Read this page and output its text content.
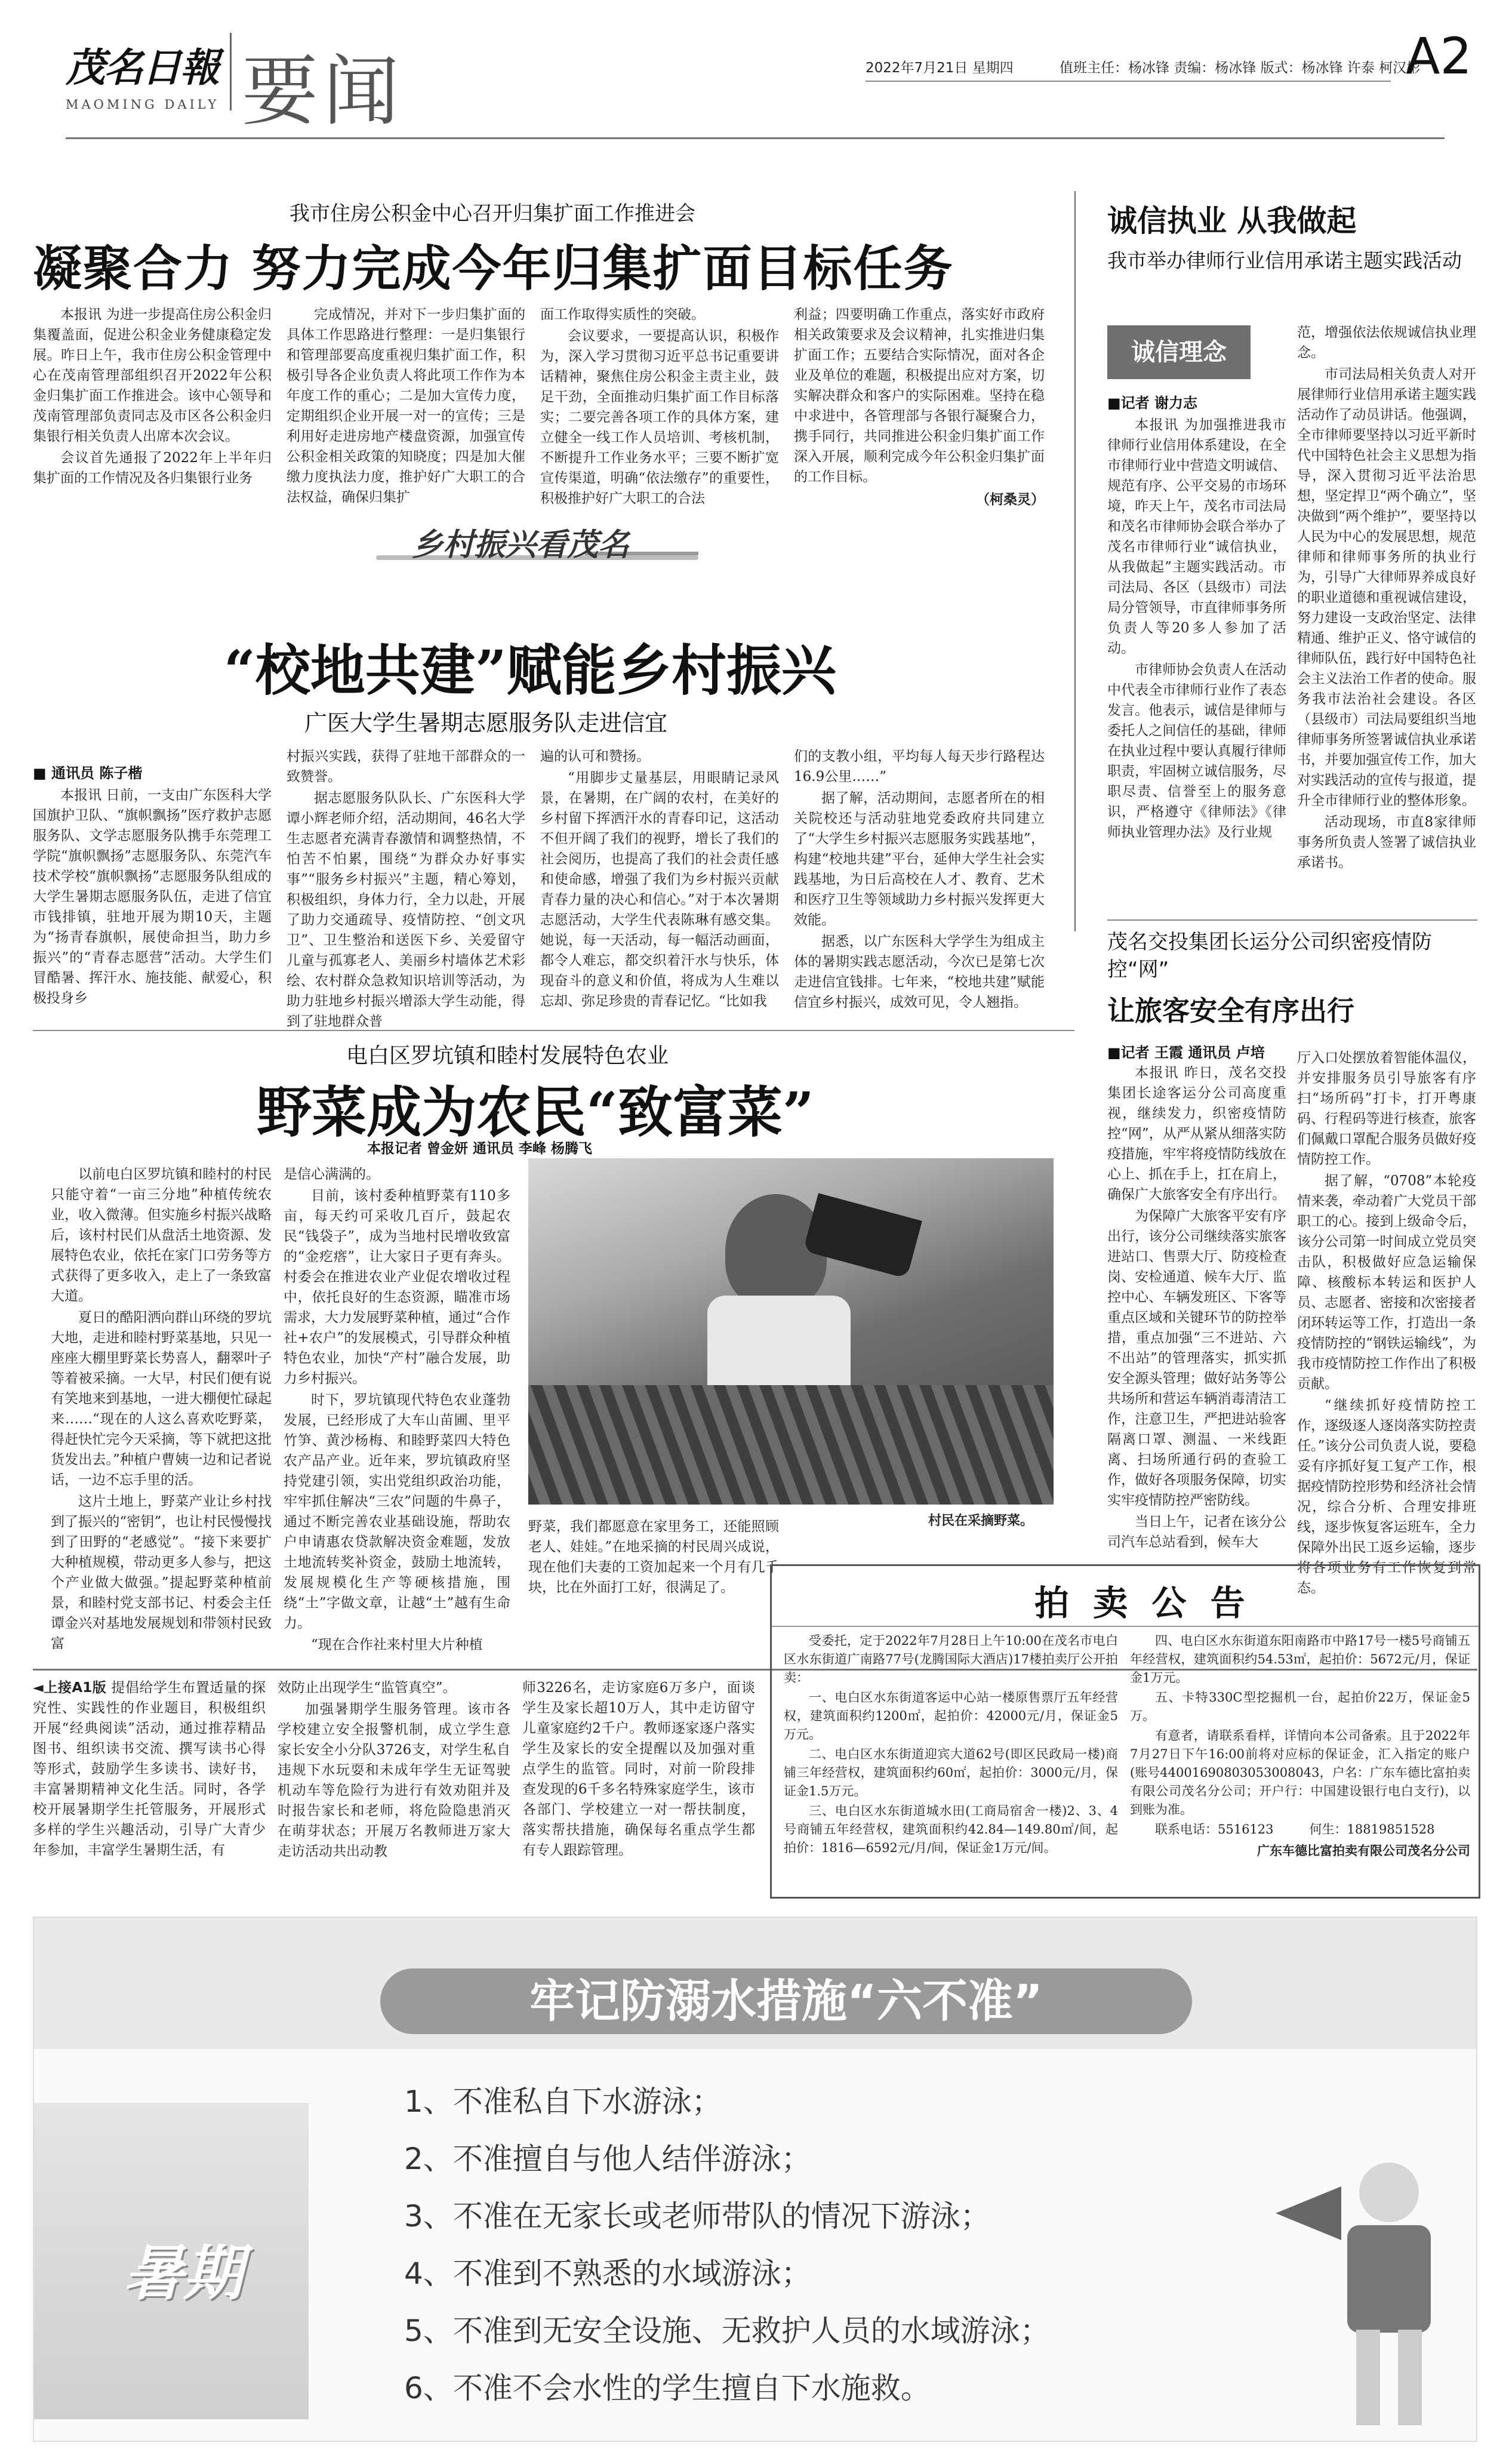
茂名日報
MAOMING DAILY 要闻	2022年7月21日 星期四	值班主任：杨冰锋 责编：杨冰锋 版式：杨冰锋 许泰 柯汉彬
A2
我市住房公积金中心召开归集扩面工作推进会
凝聚合力 努力完成今年归集扩面目标任务

本报讯 为进一步提高住房公积金归集覆盖面，促进公积金业务健康稳定发展。昨日上午，我市住房公积金管理中心在茂南管理部组织召开2022年公积金归集扩面工作推进会。该中心领导和茂南管理部负责同志及市区各公积金归集银行相关负责人出席本次会议。

会议首先通报了2022年上半年归集扩面的工作情况及各归集银行业务

完成情况，并对下一步归集扩面的具体工作思路进行整理：一是归集银行和管理部要高度重视归集扩面工作，积极引导各企业负责人将此项工作作为本年度工作的重心；二是加大宣传力度，定期组织企业开展一对一的宣传；三是利用好走进房地产楼盘资源，加强宣传公积金相关政策的知晓度；四是加大催缴力度执法力度，推护好广大职工的合法权益，确保归集扩

面工作取得实质性的突破。

会议要求，一要提高认识，积极作为，深入学习贯彻习近平总书记重要讲话精神，聚焦住房公积金主责主业，鼓足干劲，全面推动归集扩面工作目标落实；二要完善各项工作的具体方案，建立健全一线工作人员培训、考核机制，不断提升工作业务水平；三要不断扩宽宣传渠道，明确“依法缴存”的重要性，积极推护好广大职工的合法

利益；四要明确工作重点，落实好市政府相关政策要求及会议精神，扎实推进归集扩面工作；五要结合实际情况，面对各企业及单位的难题，积极提出应对方案，切实解决群众和客户的实际困难。坚持在稳中求进中，各管理部与各银行凝聚合力，携手同行，共同推进公积金归集扩面工作深入开展，顺利完成今年公积金归集扩面的工作目标。

（柯桑灵）
诚信执业 从我做起
我市举办律师行业信用承诺主题实践活动
诚信理念
■记者 谢力志

本报讯 为加强推进我市律师行业信用体系建设，在全市律师行业中营造文明诚信、规范有序、公平交易的市场环境，昨天上午，茂名市司法局和茂名市律师协会联合举办了茂名市律师行业“诚信执业，从我做起”主题实践活动。市司法局、各区（县级市）司法局分管领导，市直律师事务所负责人等20多人参加了活动。

市律师协会负责人在活动中代表全市律师行业作了表态发言。他表示，诚信是律师与委托人之间信任的基础，律师在执业过程中要认真履行律师职责，牢固树立诚信服务，尽职尽责、信誉至上的服务意识，严格遵守《律师法》《律师执业管理办法》及行业规

范，增强依法依规诚信执业理念。

市司法局相关负责人对开展律师行业信用承诺主题实践活动作了动员讲话。他强调，全市律师要坚持以习近平新时代中国特色社会主义思想为指导，深入贯彻习近平法治思想，坚定捍卫“两个确立”，坚决做到“两个维护”，要坚持以人民为中心的发展思想，规范律师和律师事务所的执业行为，引导广大律师界养成良好的职业道德和重视诚信建设，努力建设一支政治坚定、法律精通、维护正义、恪守诚信的律师队伍，践行好中国特色社会主义法治工作者的使命。服务我市法治社会建设。各区（县级市）司法局要组织当地律师事务所签署诚信执业承诺书，并要加强宣传工作，加大对实践活动的宣传与报道，提升全市律师行业的整体形象。

活动现场，市直8家律师事务所负责人签署了诚信执业承诺书。

乡村振兴看茂名
“校地共建”赋能乡村振兴
广医大学生暑期志愿服务队走进信宜
■ 通讯员 陈子楷

本报讯 日前，一支由广东医科大学国旗护卫队、“旗帜飘扬”医疗救护志愿服务队、文学志愿服务队携手东莞理工学院“旗帜飘扬”志愿服务队、东莞汽车技术学校“旗帜飘扬”志愿服务队组成的大学生暑期志愿服务队伍，走进了信宜市钱排镇，驻地开展为期10天，主题为“扬青春旗帜，展使命担当，助力乡振兴”的“青春志愿营”活动。大学生们冒酷暑、挥汗水、施技能、献爱心，积极投身乡

村振兴实践，获得了驻地干部群众的一致赞誉。

据志愿服务队队长、广东医科大学谭小辉老师介绍，活动期间，46名大学生志愿者充满青春激情和调整热情，不怕苦不怕累，围绕“为群众办好事实事”“服务乡村振兴”主题，精心筹划，积极组织，身体力行，全力以赴，开展了助力交通疏导、疫情防控、“创文巩卫”、卫生整治和送医下乡、关爱留守儿童与孤寡老人、美丽乡村墙体艺术彩绘、农村群众急救知识培训等活动，为助力驻地乡村振兴增添大学生动能，得到了驻地群众普

遍的认可和赞扬。

“用脚步丈量基层，用眼睛记录风景，在暑期，在广阔的农村，在美好的乡村留下挥洒汗水的青春印记，这活动不但开阔了我们的视野，增长了我们的社会阅历，也提高了我们的社会责任感和使命感，增强了我们为乡村振兴贡献青春力量的决心和信心。”对于本次暑期志愿活动，大学生代表陈琳有感交集。她说，每一天活动，每一幅活动画面，都令人难忘，都交织着汗水与快乐，体现奋斗的意义和价值，将成为人生难以忘却、弥足珍贵的青春记忆。“比如我

们的支教小组，平均每人每天步行路程达16.9公里……”

据了解，活动期间，志愿者所在的相关院校还与活动驻地党委政府共同建立了“大学生乡村振兴志愿服务实践基地”，构建“校地共建”平台，延伸大学生社会实践基地，为日后高校在人才、教育、艺术和医疗卫生等领域助力乡村振兴发挥更大效能。

据悉，以广东医科大学学生为组成主体的暑期实践志愿活动，今次已是第七次走进信宜钱排。七年来，“校地共建”赋能信宜乡村振兴，成效可见，令人翘指。

茂名交投集团长运分公司织密疫情防控“网”
让旅客安全有序出行
■记者 王霞 通讯员 卢培

本报讯 昨日，茂名交投集团长途客运分公司高度重视，继续发力，织密疫情防控“网”，从严从紧从细落实防疫措施，牢牢将疫情防线放在心上、抓在手上，扛在肩上，确保广大旅客安全有序出行。

为保障广大旅客平安有序出行，该分公司继续落实旅客进站口、售票大厅、防疫检查岗、安检通道、候车大厅、监控中心、车辆发班区、下客等重点区域和关键环节的防控举措，重点加强“三不进站、六不出站”的管理落实，抓实抓安全源头管理；做好站务等公共场所和营运车辆消毒清洁工作，注意卫生，严把进站验客隔离口罩、测温、一米线距离、扫场所通行码的查验工作，做好各项服务保障，切实实牢疫情防控严密防线。

当日上午，记者在该分公司汽车总站看到，候车大

厅入口处摆放着智能体温仪，并安排服务员引导旅客有序扫“场所码”打卡，打开粤康码、行程码等进行核查，旅客们佩戴口罩配合服务员做好疫情防控工作。

据了解，“0708”本轮疫情来袭，牵动着广大党员干部职工的心。接到上级命令后，该分公司第一时间成立党员突击队，积极做好应急运输保障、核酸标本转运和医护人员、志愿者、密接和次密接者闭环转运等工作，打造出一条疫情防控的“钢铁运输线”，为我市疫情防控工作作出了积极贡献。

“继续抓好疫情防控工作，逐级逐人逐岗落实防控责任。”该分公司负责人说，要稳妥有序抓好复工复产工作，根据疫情防控形势和经济社会情况，综合分析、合理安排班线，逐步恢复客运班车，全力保障外出民工返乡运输，逐步将各项业务有工作恢复到常态。

电白区罗坑镇和睦村发展特色农业
野菜成为农民“致富菜”
本报记者 曾金妍 通讯员 李峰 杨腾飞

以前电白区罗坑镇和睦村的村民只能守着“一亩三分地”种植传统农业，收入微薄。但实施乡村振兴战略后，该村村民们从盘活土地资源、发展特色农业，依托在家门口劳务等方式获得了更多收入，走上了一条致富大道。

夏日的酷阳洒向群山环绕的罗坑大地，走进和睦村野菜基地，只见一座座大棚里野菜长势喜人，翻翠叶子等着被采摘。一大早，村民们便有说有笑地来到基地，一进大棚便忙碌起来……“现在的人这么喜欢吃野菜，得赶快忙完今天采摘，等下就把这批货发出去。”种植户曹姨一边和记者说话，一边不忘手里的活。

这片土地上，野菜产业让乡村找到了振兴的“密钥”，也让村民慢慢找到了田野的“老感觉”。“接下来要扩大种植规模，带动更多人参与，把这个产业做大做强。”提起野菜种植前景，和睦村党支部书记、村委会主任谭金兴对基地发展规划和带领村民致富

是信心满满的。

目前，该村委种植野菜有110多亩，每天约可采收几百斤，鼓起农民“钱袋子”，成为当地村民增收致富的“金疙瘩”，让大家日子更有奔头。村委会在推进农业产业促农增收过程中，依托良好的生态资源，瞄准市场需求，大力发展野菜种植，通过“合作社+农户”的发展模式，引导群众种植特色农业，加快“产村”融合发展，助力乡村振兴。

时下，罗坑镇现代特色农业蓬勃发展，已经形成了大车山苗圃、里平竹笋、黄沙杨梅、和睦野菜四大特色农产品产业。近年来，罗坑镇政府坚持党建引领，实出党组织政治功能，牢牢抓住解决“三农”问题的牛鼻子，通过不断完善农业基础设施，帮助农户申请惠农贷款解决资金难题，发放土地流转奖补资金，鼓励土地流转，发展规模化生产等硬核措施，围绕“土”字做文章，让越“土”越有生命力。

“现在合作社来村里大片种植

村民在采摘野菜。

野菜，我们都愿意在家里务工，还能照顾老人、娃娃。”在地采摘的村民周兴成说，现在他们夫妻的工资加起来一个月有几千块，比在外面打工好，很满足了。

◄上接A1版 提倡给学生布置适量的探究性、实践性的作业题目，积极组织开展“经典阅读”活动，通过推荐精品图书、组织读书交流、撰写读书心得等形式，鼓励学生多读书、读好书，丰富暑期精神文化生活。同时，各学校开展暑期学生托管服务，开展形式多样的学生兴趣活动，引导广大青少年参加，丰富学生暑期生活，有

效防止出现学生“监管真空”。

加强暑期学生服务管理。该市各学校建立安全报警机制，成立学生意家长安全小分队3726支，对学生私自违规下水玩耍和未成年学生无证驾驶机动车等危险行为进行有效劝阻并及时报告家长和老师，将危险隐患消灭在萌芽状态；开展万名教师进万家大走访活动共出动教

师3226名，走访家庭6万多户，面谈学生及家长超10万人，其中走访留守儿童家庭约2千户。教师逐家逐户落实学生及家长的安全提醒以及加强对重点学生的监管。同时，对前一阶段排查发现的6千多名特殊家庭学生，该市各部门、学校建立一对一帮扶制度，落实帮扶措施，确保每名重点学生都有专人跟踪管理。

拍 卖 公 告

受委托，定于2022年7月28日上午10:00在茂名市电白区水东街道广南路77号(龙腾国际大酒店)17楼拍卖厅公开拍卖：

一、电白区水东街道客运中心站一楼原售票厅五年经营权，建筑面积约1200㎡，起拍价：42000元/月，保证金5万元。

二、电白区水东街道迎宾大道62号(即区民政局一楼)商铺三年经营权，建筑面积约60㎡，起拍价：3000元/月，保证金1.5万元。

三、电白区水东街道城水田(工商局宿舍一楼)2、3、4号商铺五年经营权，建筑面积约42.84—149.80㎡/间，起拍价：1816—6592元/月/间，保证金1万元/间。

四、电白区水东街道东阳南路市中路17号一楼5号商铺五年经营权，建筑面积约54.53㎡，起拍价：5672元/月，保证金1万元。

五、卡特330C型挖掘机一台，起拍价22万，保证金5万。

有意者，请联系看样，详情向本公司备索。且于2022年7月27日下午16:00前将对应标的保证金，汇入指定的账户(账号44001690803053008043，户名：广东车德比富拍卖有限公司茂名分公司；开户行：中国建设银行电白支行)，以到账为准。

联系电话：5516123	何生：18819851528
广东车德比富拍卖有限公司茂名分公司
牢记防溺水措施“六不准”
暑期
1、不准私自下水游泳；
2、不准擅自与他人结伴游泳；
3、不准在无家长或老师带队的情况下游泳；
4、不准到不熟悉的水域游泳；
5、不准到无安全设施、无救护人员的水域游泳；
6、不准不会水性的学生擅自下水施救。
